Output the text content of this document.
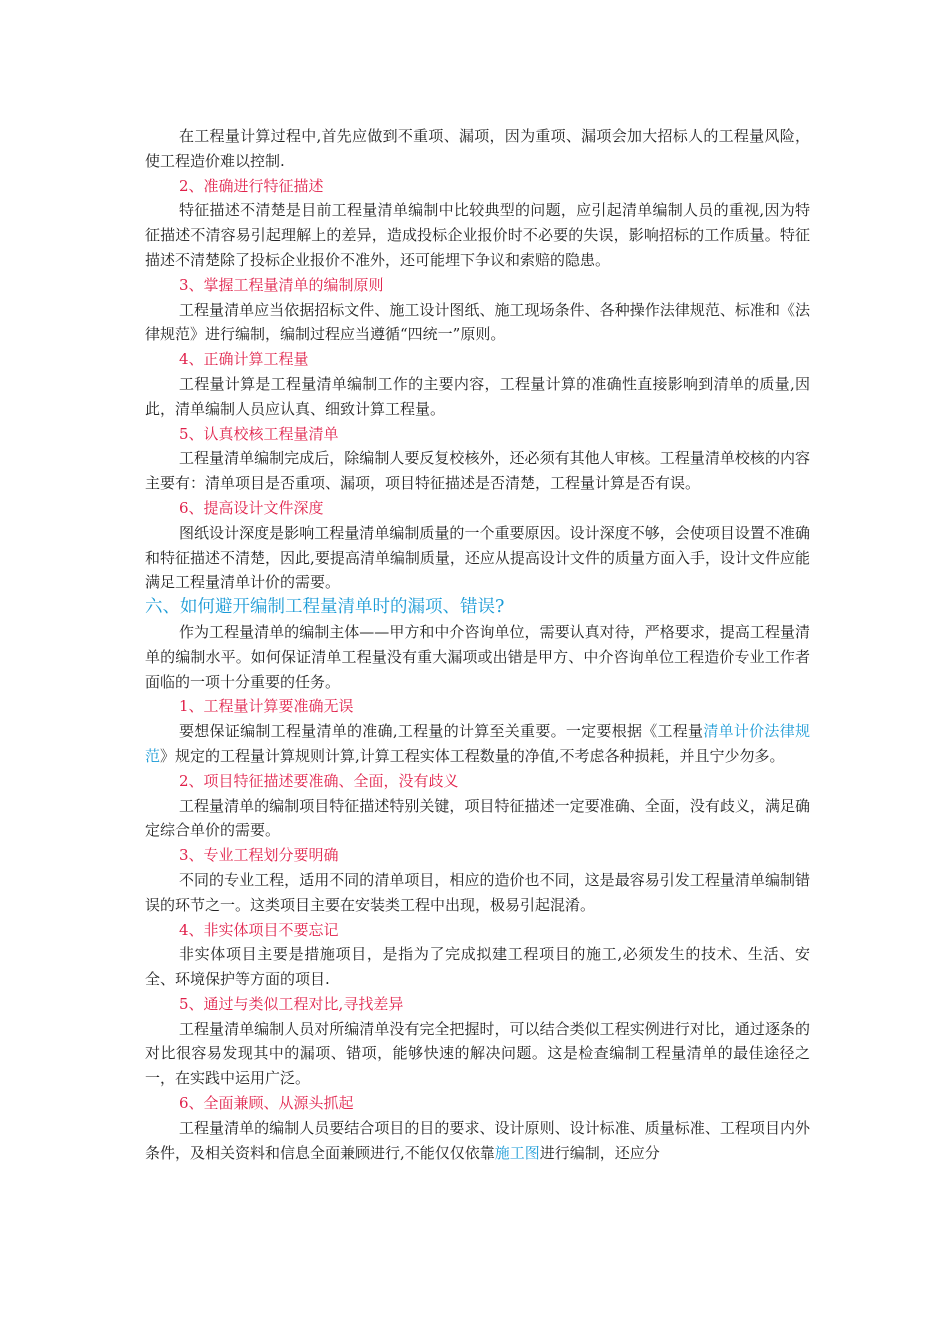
在工程量计算过程中,首先应做到不重项、漏项，因为重项、漏项会加大招标人的工程量风险，使工程造价难以控制.

2、准确进行特征描述

特征描述不清楚是目前工程量清单编制中比较典型的问题，应引起清单编制人员的重视,因为特征描述不清容易引起理解上的差异，造成投标企业报价时不必要的失误，影响招标的工作质量。特征描述不清楚除了投标企业报价不准外，还可能埋下争议和索赔的隐患。

3、掌握工程量清单的编制原则

工程量清单应当依据招标文件、施工设计图纸、施工现场条件、各种操作法律规范、标准和《法律规范》进行编制，编制过程应当遵循“四统一”原则。

4、正确计算工程量

工程量计算是工程量清单编制工作的主要内容，工程量计算的准确性直接影响到清单的质量,因此，清单编制人员应认真、细致计算工程量。

5、认真校核工程量清单

工程量清单编制完成后，除编制人要反复校核外，还必须有其他人审核。工程量清单校核的内容主要有：清单项目是否重项、漏项，项目特征描述是否清楚，工程量计算是否有误。

6、提高设计文件深度

图纸设计深度是影响工程量清单编制质量的一个重要原因。设计深度不够，会使项目设置不准确和特征描述不清楚，因此,要提高清单编制质量，还应从提高设计文件的质量方面入手，设计文件应能满足工程量清单计价的需要。

六、如何避开编制工程量清单时的漏项、错误?

作为工程量清单的编制主体——甲方和中介咨询单位，需要认真对待，严格要求，提高工程量清单的编制水平。如何保证清单工程量没有重大漏项或出错是甲方、中介咨询单位工程造价专业工作者面临的一项十分重要的任务。

1、工程量计算要准确无误

要想保证编制工程量清单的准确,工程量的计算至关重要。一定要根据《工程量清单计价法律规范》规定的工程量计算规则计算,计算工程实体工程数量的净值,不考虑各种损耗，并且宁少勿多。

2、项目特征描述要准确、全面，没有歧义

工程量清单的编制项目特征描述特别关键，项目特征描述一定要准确、全面，没有歧义，满足确定综合单价的需要。

3、专业工程划分要明确

不同的专业工程，适用不同的清单项目，相应的造价也不同，这是最容易引发工程量清单编制错误的环节之一。这类项目主要在安装类工程中出现，极易引起混淆。

4、非实体项目不要忘记

非实体项目主要是措施项目，是指为了完成拟建工程项目的施工,必须发生的技术、生活、安全、环境保护等方面的项目.

5、通过与类似工程对比,寻找差异

工程量清单编制人员对所编清单没有完全把握时，可以结合类似工程实例进行对比，通过逐条的对比很容易发现其中的漏项、错项，能够快速的解决问题。这是检查编制工程量清单的最佳途径之一，在实践中运用广泛。

6、全面兼顾、从源头抓起

工程量清单的编制人员要结合项目的目的要求、设计原则、设计标准、质量标准、工程项目内外条件，及相关资料和信息全面兼顾进行,不能仅仅依靠施工图进行编制，还应分
